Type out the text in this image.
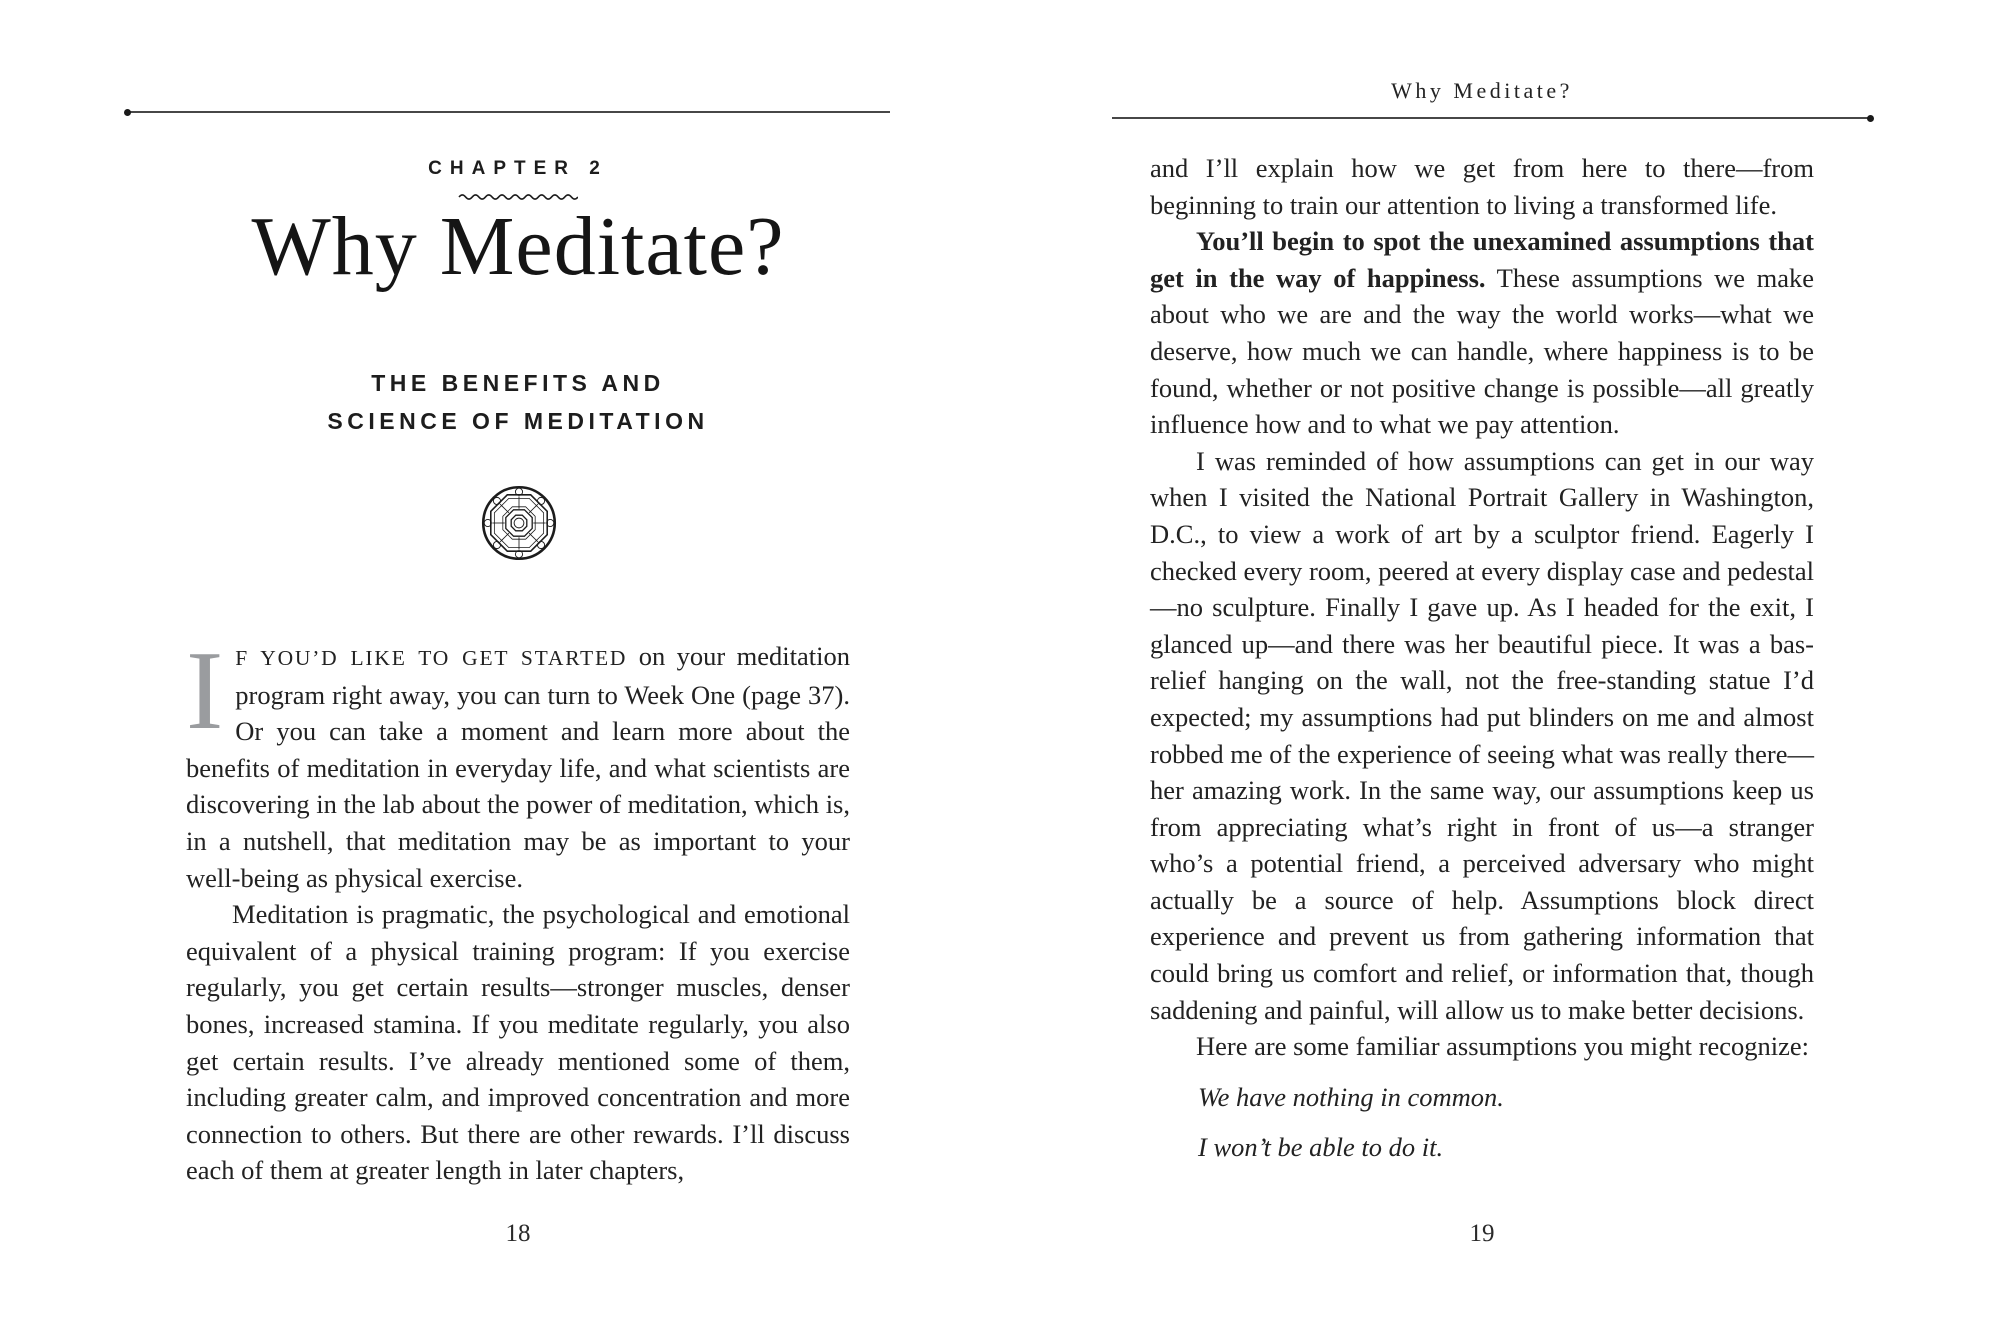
CHAPTER 2
Why Meditate?
THE BENEFITS AND
SCIENCE OF MEDITATION

I F YOU’D LIKE TO GET STARTED on your meditation program right away, you can turn to Week One (page 37). Or you can take a moment and learn more about the benefits of meditation in everyday life, and what scientists are discovering in the lab about the power of meditation, which is, in a nutshell, that meditation may be as important to your well-being as physical exercise.

Meditation is pragmatic, the psychological and emotional equivalent of a physical training program: If you exercise regularly, you get certain results—stronger muscles, denser bones, increased stamina. If you meditate regularly, you also get certain results. I’ve already mentioned some of them, including greater calm, and improved concentration and more connection to others. But there are other rewards. I’ll discuss each of them at greater length in later chapters,

18
Why Meditate?

and I’ll explain how we get from here to there—from beginning to train our attention to living a transformed life.

You’ll begin to spot the unexamined assumptions that get in the way of happiness. These assumptions we make about who we are and the way the world works—what we deserve, how much we can handle, where happiness is to be found, whether or not positive change is possible—all greatly influence how and to what we pay attention.

I was reminded of how assumptions can get in our way when I visited the National Portrait Gallery in Washington, D.C., to view a work of art by a sculptor friend. Eagerly I checked every room, peered at every display case and pedestal—no sculpture. Finally I gave up. As I headed for the exit, I glanced up—and there was her beautiful piece. It was a bas-relief hanging on the wall, not the free-standing statue I’d expected; my assumptions had put blinders on me and almost robbed me of the experience of seeing what was really there—her amazing work. In the same way, our assumptions keep us from appreciating what’s right in front of us—a stranger who’s a potential friend, a perceived adversary who might actually be a source of help. Assumptions block direct experience and prevent us from gathering information that could bring us comfort and relief, or information that, though saddening and painful, will allow us to make better decisions.

Here are some familiar assumptions you might recognize:

We have nothing in common.

I won’t be able to do it.

19
